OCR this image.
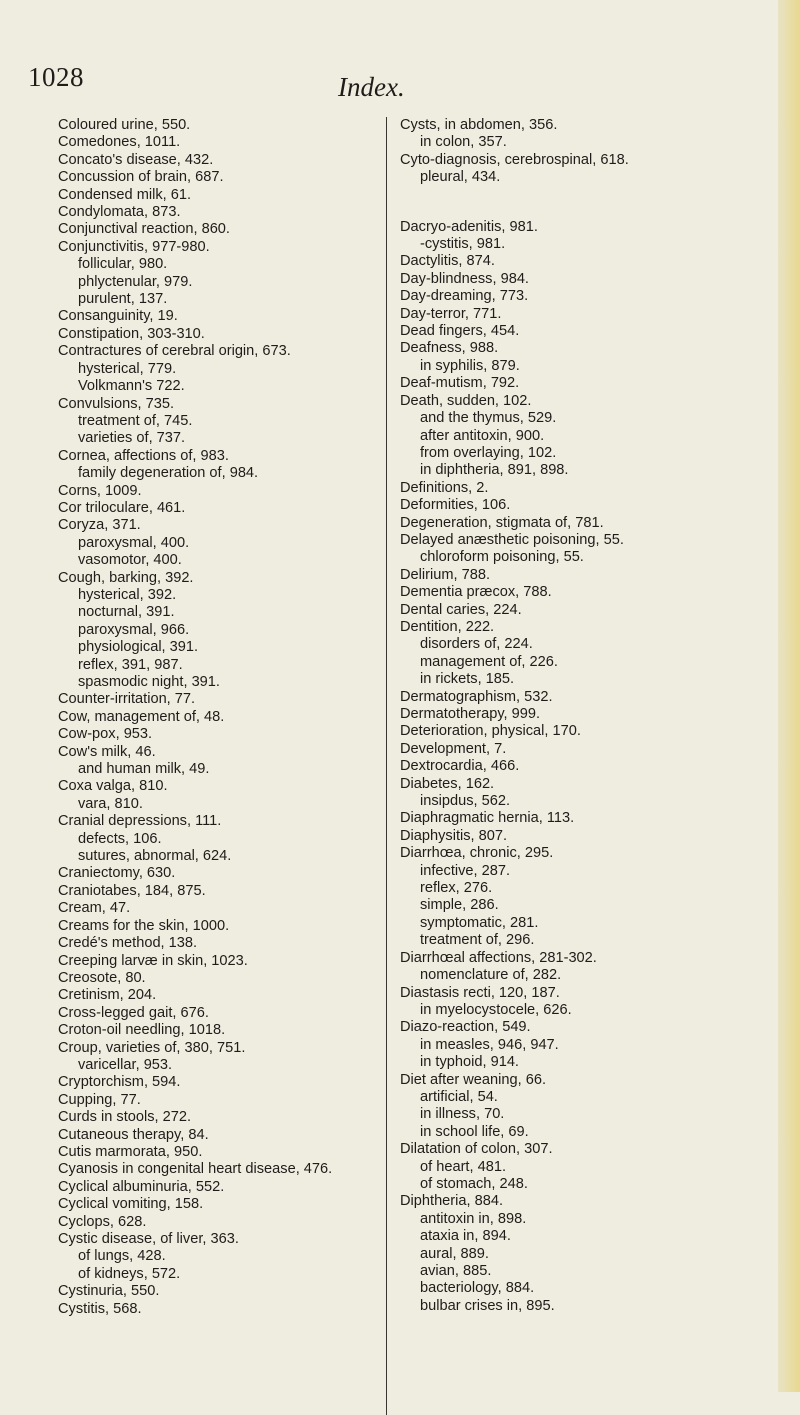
1028	Index.
Coloured urine, 550.
Comedones, 1011.
Concato's disease, 432.
Concussion of brain, 687.
Condensed milk, 61.
Condylomata, 873.
Conjunctival reaction, 860.
Conjunctivitis, 977-980.
follicular, 980.
phlyctenular, 979.
purulent, 137.
Consanguinity, 19.
Constipation, 303-310.
Contractures of cerebral origin, 673.
hysterical, 779.
Volkmann's 722.
Convulsions, 735.
treatment of, 745.
varieties of, 737.
Cornea, affections of, 983.
family degeneration of, 984.
Corns, 1009.
Cor triloculare, 461.
Coryza, 371.
paroxysmal, 400.
vasomotor, 400.
Cough, barking, 392.
hysterical, 392.
nocturnal, 391.
paroxysmal, 966.
physiological, 391.
reflex, 391, 987.
spasmodic night, 391.
Counter-irritation, 77.
Cow, management of, 48.
Cow-pox, 953.
Cow's milk, 46.
and human milk, 49.
Coxa valga, 810.
vara, 810.
Cranial depressions, 111.
defects, 106.
sutures, abnormal, 624.
Craniectomy, 630.
Craniotabes, 184, 875.
Cream, 47.
Creams for the skin, 1000.
Credé's method, 138.
Creeping larvæ in skin, 1023.
Creosote, 80.
Cretinism, 204.
Cross-legged gait, 676.
Croton-oil needling, 1018.
Croup, varieties of, 380, 751.
varicellar, 953.
Cryptorchism, 594.
Cupping, 77.
Curds in stools, 272.
Cutaneous therapy, 84.
Cutis marmorata, 950.
Cyanosis in congenital heart disease, 476.
Cyclical albuminuria, 552.
Cyclical vomiting, 158.
Cyclops, 628.
Cystic disease, of liver, 363.
of lungs, 428.
of kidneys, 572.
Cystinuria, 550.
Cystitis, 568.
Cysts, in abdomen, 356.
in colon, 357.
Cyto-diagnosis, cerebrospinal, 618.
pleural, 434.
Dacryo-adenitis, 981.
-cystitis, 981.
Dactylitis, 874.
Day-blindness, 984.
Day-dreaming, 773.
Day-terror, 771.
Dead fingers, 454.
Deafness, 988.
in syphilis, 879.
Deaf-mutism, 792.
Death, sudden, 102.
and the thymus, 529.
after antitoxin, 900.
from overlaying, 102.
in diphtheria, 891, 898.
Definitions, 2.
Deformities, 106.
Degeneration, stigmata of, 781.
Delayed anæsthetic poisoning, 55.
chloroform poisoning, 55.
Delirium, 788.
Dementia præcox, 788.
Dental caries, 224.
Dentition, 222.
disorders of, 224.
management of, 226.
in rickets, 185.
Dermatographism, 532.
Dermatotherapy, 999.
Deterioration, physical, 170.
Development, 7.
Dextrocardia, 466.
Diabetes, 162.
insipdus, 562.
Diaphragmatic hernia, 113.
Diaphysitis, 807.
Diarrhœa, chronic, 295.
infective, 287.
reflex, 276.
simple, 286.
symptomatic, 281.
treatment of, 296.
Diarrhœal affections, 281-302.
nomenclature of, 282.
Diastasis recti, 120, 187.
in myelocystocele, 626.
Diazo-reaction, 549.
in measles, 946, 947.
in typhoid, 914.
Diet after weaning, 66.
artificial, 54.
in illness, 70.
in school life, 69.
Dilatation of colon, 307.
of heart, 481.
of stomach, 248.
Diphtheria, 884.
antitoxin in, 898.
ataxia in, 894.
aural, 889.
avian, 885.
bacteriology, 884.
bulbar crises in, 895.
